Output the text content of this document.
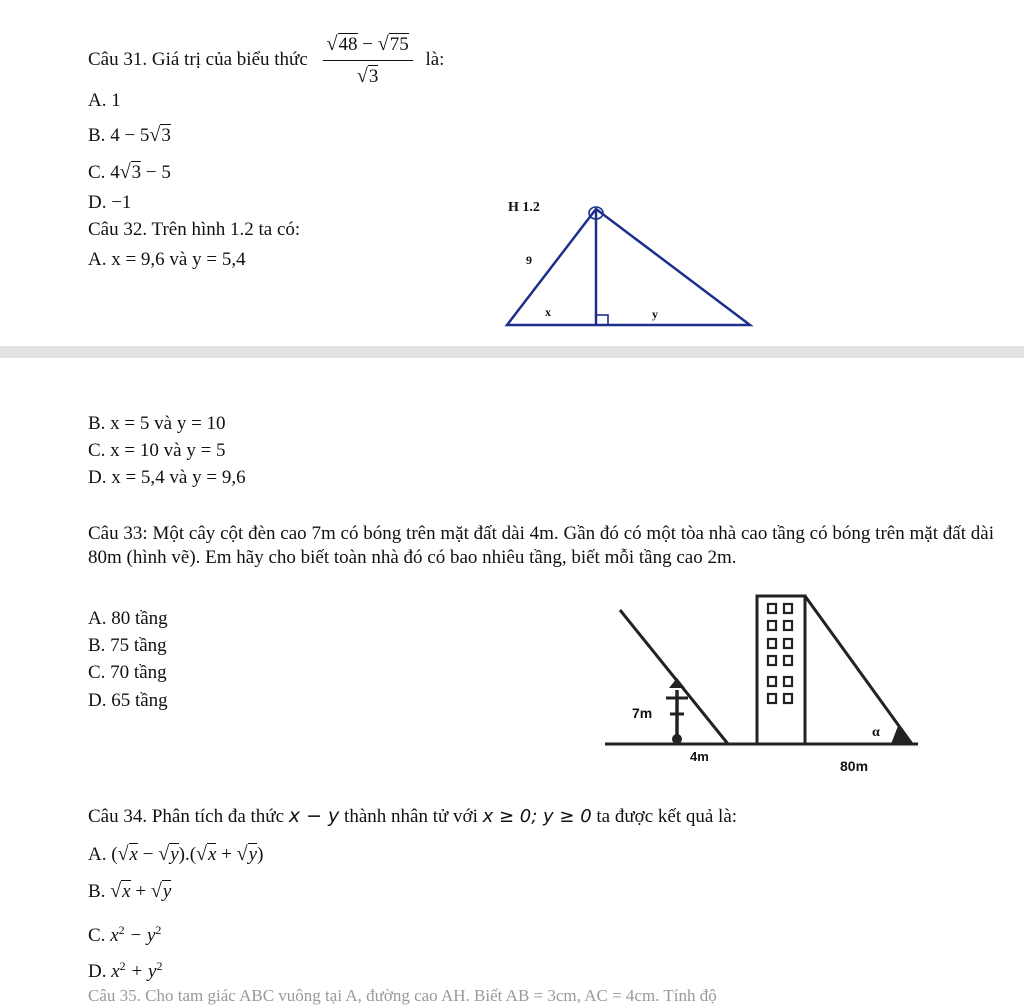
Câu 31. Giá trị của biểu thức $\frac{√48 - √75}{√3}$ là:
A. 1
B. 4 − 5√3
C. 4√3 − 5
D. −1
Câu 32. Trên hình 1.2 ta có:
A. x = 9,6 và y = 5,4
H 1.2
9
x	y
B. x = 5 và y = 10
C. x = 10 và y = 5
D. x = 5,4 và y = 9,6
Câu 33: Một cây cột đèn cao 7m có bóng trên mặt đất dài 4m. Gần đó có một tòa nhà cao tầng có bóng trên mặt đất dài 80m (hình vẽ). Em hãy cho biết toàn nhà đó có bao nhiêu tầng, biết mỗi tầng cao 2m.
A. 80 tầng
B. 75 tầng
C. 70 tầng
D. 65 tầng
7m
4m
α
80m
Câu 34. Phân tích đa thức x − y thành nhân tử với x ≥ 0; y ≥ 0 ta được kết quả là:
A. (√x − √y).(√x + √y)
B. √x + √y
C. $x^2 - y^2$
D. $x^2 + y^2$
Câu 35. Cho tam giác ABC vuông tại A, đường cao AH. Biết AB = 3cm, AC = 4cm. Tính độ
